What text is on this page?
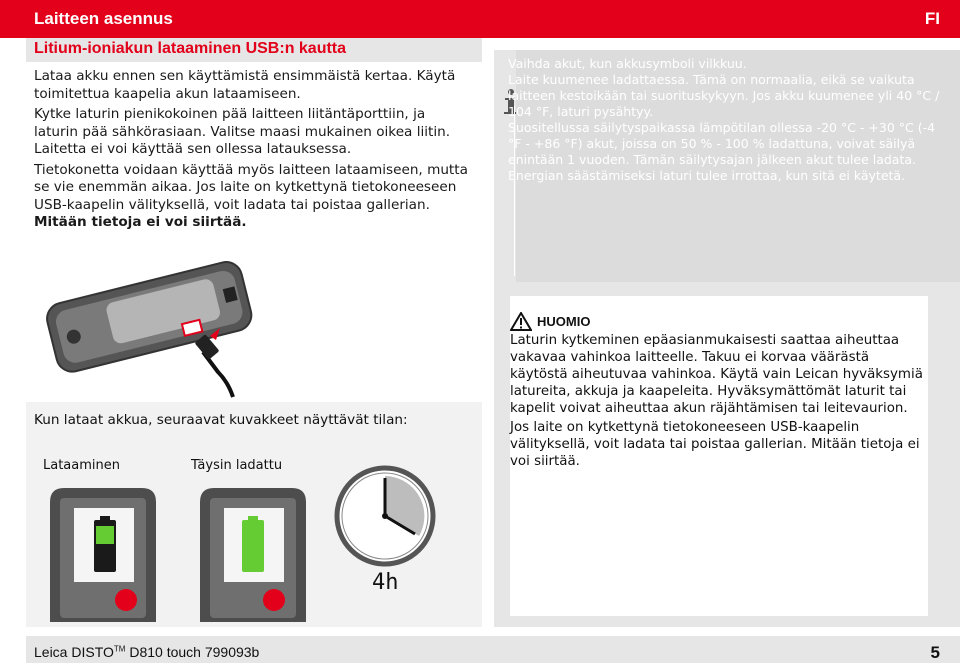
Laitteen asennus	FI
Litium-ioniakun lataaminen USB:n kautta

Lataa akku ennen sen käyttämistä ensimmäistä kertaa. Käytä toimitettua kaapelia akun lataamiseen.

Kytke laturin pienikokoinen pää laitteen liitäntäporttiin, ja laturin pää sähkörasiaan. Valitse maasi mukainen oikea liitin. Laitetta ei voi käyttää sen ollessa latauksessa.

Tietokonetta voidaan käyttää myös laitteen lataamiseen, mutta se vie enemmän aikaa. Jos laite on kytkettynä tietokoneeseen USB-kaapelin välityksellä, voit ladata tai poistaa gallerian. Mitään tietoja ei voi siirtää.

Vaihda akut, kun akkusymboli vilkkuu.

Laite kuumenee ladattaessa. Tämä on normaalia, eikä se vaikuta laitteen kestoikään tai suorituskykyyn. Jos akku kuumenee yli 40 °C / 104 °F, laturi pysähtyy.

Suositellussa säilytyspaikassa lämpötilan ollessa -20 °C - +30 °C (-4 °F - +86 °F) akut, joissa on 50 % - 100 % ladattuna, voivat säilyä enintään 1 vuoden. Tämän säilytysajan jälkeen akut tulee ladata.

Energian säästämiseksi laturi tulee irrottaa, kun sitä ei käytetä.

HUOMIO

Laturin kytkeminen epäasianmukaisesti saattaa aiheuttaa vakavaa vahinkoa laitteelle. Takuu ei korvaa väärästä käytöstä aiheutuvaa vahinkoa. Käytä vain Leican hyväksymiä latureita, akkuja ja kaapeleita. Hyväksymättömät laturit tai kapelit voivat aiheuttaa akun räjähtämisen tai leitevaurion.

Jos laite on kytkettynä tietokoneeseen USB-kaapelin välityksellä, voit ladata tai poistaa gallerian. Mitään tietoja ei voi siirtää.

Kun lataat akkua, seuraavat kuvakkeet näyttävät tilan:
Lataaminen	Täysin ladattu
4h
Leica DISTO™ D810 touch 799093b	5
